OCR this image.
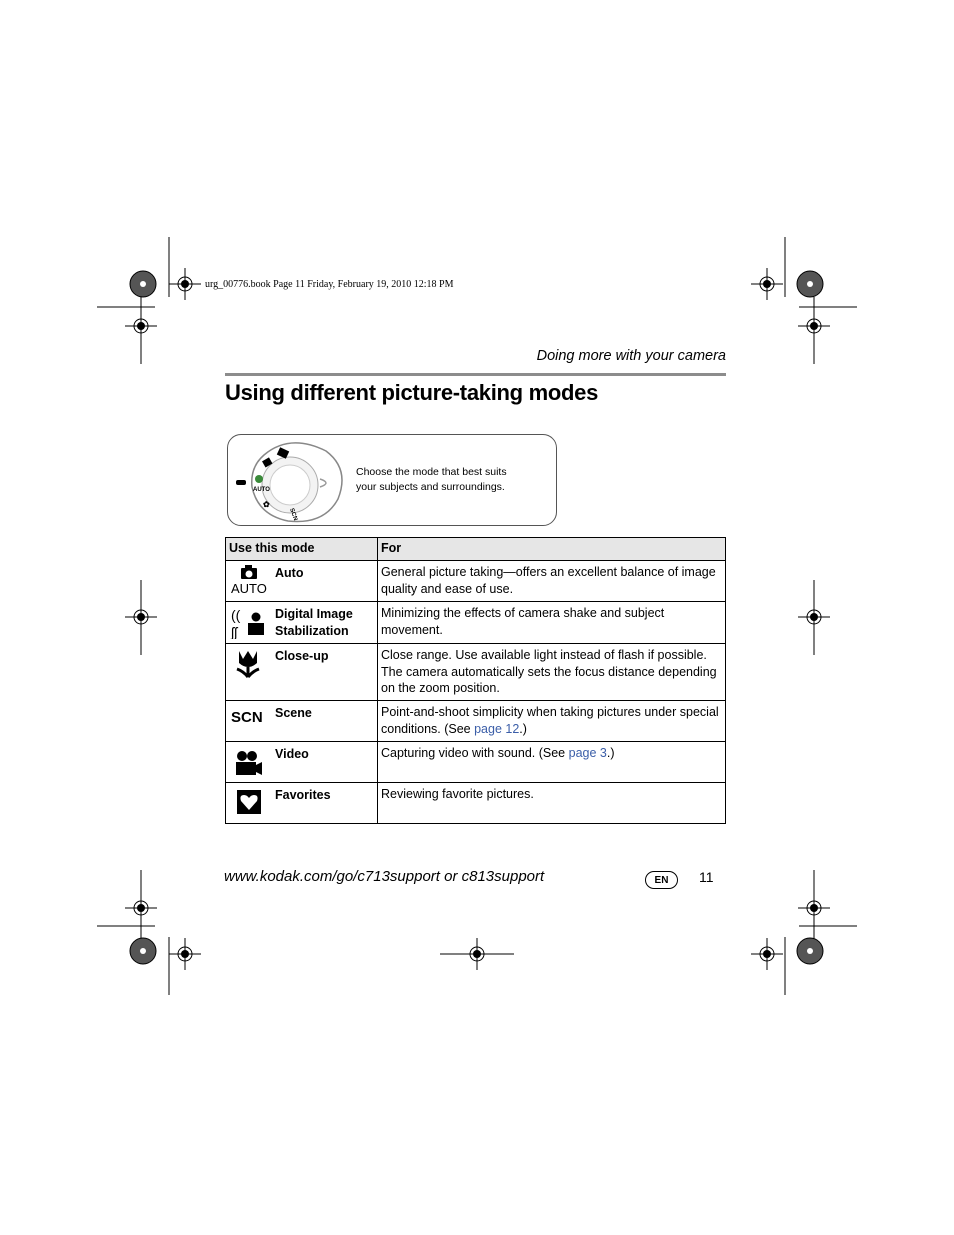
urg_00776.book Page 11 Friday, February 19, 2010 12:18 PM
Doing more with your camera
Using different picture-taking modes
AUTO
✿
SCN
Choose the mode that best suits
your subjects and surroundings.
Use this mode	For

AUTO
Auto	General picture taking—offers an excellent balance of image quality and ease of use.

((
ʃʃ
Digital Image
Stabilization	Minimizing the effects of camera shake and subject movement.

Close-up	Close range. Use available light instead of flash if possible. The camera automatically sets the focus distance depending on the zoom position.

SCN Scene	Point-and-shoot simplicity when taking pictures under special conditions. (See page 12.)

Video	Capturing video with sound. (See page 3.)

Favorites	Reviewing favorite pictures.
www.kodak.com/go/c713support or c813support	EN	11
